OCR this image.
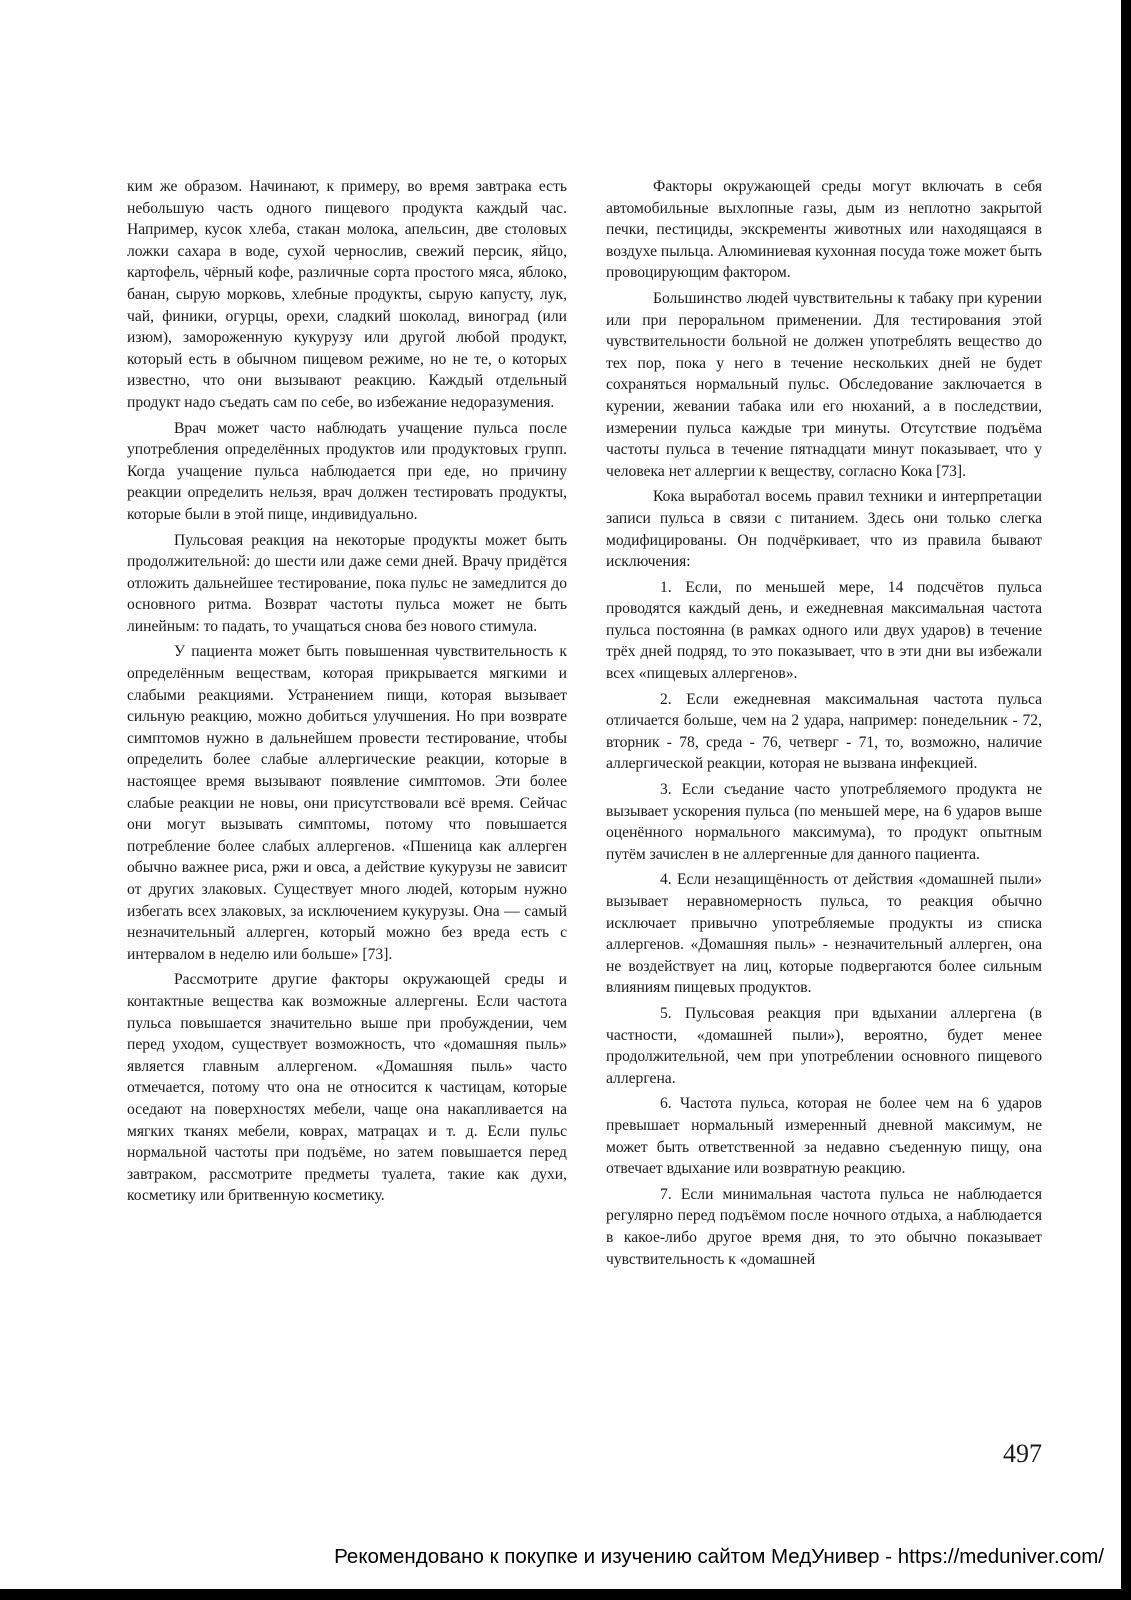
ким же образом. Начинают, к примеру, во время завтрака есть небольшую часть одного пищевого продукта каждый час. Например, кусок хлеба, стакан молока, апельсин, две столовых ложки сахара в воде, сухой чернослив, свежий персик, яйцо, картофель, чёрный кофе, различные сорта простого мяса, яблоко, банан, сырую морковь, хлебные продукты, сырую капусту, лук, чай, финики, огурцы, орехи, сладкий шоколад, виноград (или изюм), замороженную кукурузу или другой любой продукт, который есть в обычном пищевом режиме, но не те, о которых известно, что они вызывают реакцию. Каждый отдельный продукт надо съедать сам по себе, во избежание недоразумения.

Врач может часто наблюдать учащение пульса после употребления определённых продуктов или продуктовых групп. Когда учащение пульса наблюдается при еде, но причину реакции определить нельзя, врач должен тестировать продукты, которые были в этой пище, индивидуально.

Пульсовая реакция на некоторые продукты может быть продолжительной: до шести или даже семи дней. Врачу придётся отложить дальнейшее тестирование, пока пульс не замедлится до основного ритма. Возврат частоты пульса может не быть линейным: то падать, то учащаться снова без нового стимула.

У пациента может быть повышенная чувствительность к определённым веществам, которая прикрывается мягкими и слабыми реакциями. Устранением пищи, которая вызывает сильную реакцию, можно добиться улучшения. Но при возврате симптомов нужно в дальнейшем провести тестирование, чтобы определить более слабые аллергические реакции, которые в настоящее время вызывают появление симптомов. Эти более слабые реакции не новы, они присутствовали всё время. Сейчас они могут вызывать симптомы, потому что повышается потребление более слабых аллергенов. «Пшеница как аллерген обычно важнее риса, ржи и овса, а действие кукурузы не зависит от других злаковых. Существует много людей, которым нужно избегать всех злаковых, за исключением кукурузы. Она — самый незначительный аллерген, который можно без вреда есть с интервалом в неделю или больше» [73].

Рассмотрите другие факторы окружающей среды и контактные вещества как возможные аллергены. Если частота пульса повышается значительно выше при пробуждении, чем перед уходом, существует возможность, что «домашняя пыль» является главным аллергеном. «Домашняя пыль» часто отмечается, потому что она не относится к частицам, которые оседают на поверхностях мебели, чаще она накапливается на мягких тканях мебели, коврах, матрацах и т. д. Если пульс нормальной частоты при подъёме, но затем повышается перед завтраком, рассмотрите предметы туалета, такие как духи, косметику или бритвенную косметику.

Факторы окружающей среды могут включать в себя автомобильные выхлопные газы, дым из неплотно закрытой печки, пестициды, экскременты животных или находящаяся в воздухе пыльца. Алюминиевая кухонная посуда тоже может быть провоцирующим фактором.

Большинство людей чувствительны к табаку при курении или при пероральном применении. Для тестирования этой чувствительности больной не должен употреблять вещество до тех пор, пока у него в течение нескольких дней не будет сохраняться нормальный пульс. Обследование заключается в курении, жевании табака или его нюханий, а в последствии, измерении пульса каждые три минуты. Отсутствие подъёма частоты пульса в течение пятнадцати минут показывает, что у человека нет аллергии к веществу, согласно Кока [73].

Кока выработал восемь правил техники и интерпретации записи пульса в связи с питанием. Здесь они только слегка модифицированы. Он подчёркивает, что из правила бывают исключения:

1. Если, по меньшей мере, 14 подсчётов пульса проводятся каждый день, и ежедневная максимальная частота пульса постоянна (в рамках одного или двух ударов) в течение трёх дней подряд, то это показывает, что в эти дни вы избежали всех «пищевых аллергенов».

2. Если ежедневная максимальная частота пульса отличается больше, чем на 2 удара, например: понедельник - 72, вторник - 78, среда - 76, четверг - 71, то, возможно, наличие аллергической реакции, которая не вызвана инфекцией.

3. Если съедание часто употребляемого продукта не вызывает ускорения пульса (по меньшей мере, на 6 ударов выше оценённого нормального максимума), то продукт опытным путём зачислен в не аллергенные для данного пациента.

4. Если незащищённость от действия «домашней пыли» вызывает неравномерность пульса, то реакция обычно исключает привычно употребляемые продукты из списка аллергенов. «Домашняя пыль» - незначительный аллерген, она не воздействует на лиц, которые подвергаются более сильным влияниям пищевых продуктов.

5. Пульсовая реакция при вдыхании аллергена (в частности, «домашней пыли»), вероятно, будет менее продолжительной, чем при употреблении основного пищевого аллергена.

6. Частота пульса, которая не более чем на 6 ударов превышает нормальный измеренный дневной максимум, не может быть ответственной за недавно съеденную пищу, она отвечает вдыхание или возвратную реакцию.

7. Если минимальная частота пульса не наблюдается регулярно перед подъёмом после ночного отдыха, а наблюдается в какое-либо другое время дня, то это обычно показывает чувствительность к «домашней

497
Рекомендовано к покупке и изучению сайтом МедУнивер - https://meduniver.com/
